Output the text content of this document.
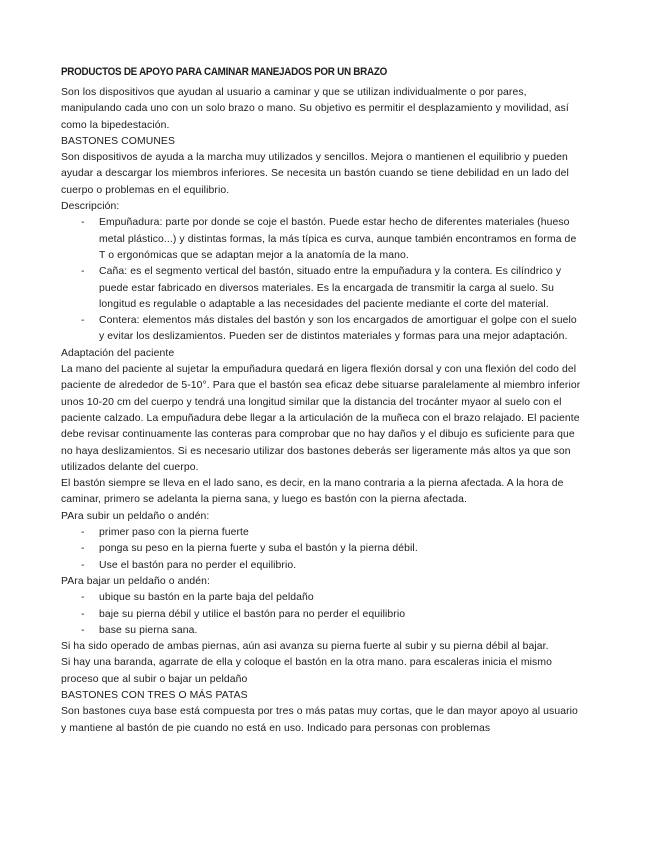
PRODUCTOS DE APOYO PARA CAMINAR MANEJADOS POR UN BRAZO

Son los dispositivos que ayudan al usuario a caminar y que se utilizan individualmente o por pares, manipulando cada uno con un solo brazo o mano. Su objetivo es permitir el desplazamiento y movilidad, así como la bipedestación.

BASTONES COMUNES

Son dispositivos de ayuda a la marcha muy utilizados y sencillos. Mejora o mantienen el equilibrio y pueden ayudar a descargar los miembros inferiores. Se necesita un bastón cuando se tiene debilidad en un lado del cuerpo o problemas en el equilibrio.

Descripción:

- Empuñadura: parte por donde se coje el bastón. Puede estar hecho de diferentes materiales (hueso metal plástico...) y distintas formas, la más típica es curva, aunque también encontramos en forma de T o ergonómicas que se adaptan mejor a la anatomía de la mano.
- Caña: es el segmento vertical del bastón, situado entre la empuñadura y la contera. Es cilíndrico y puede estar fabricado en diversos materiales. Es la encargada de transmitir la carga al suelo. Su longitud es regulable o adaptable a las necesidades del paciente mediante el corte del material.
- Contera: elementos más distales del bastón y son los encargados de amortiguar el golpe con el suelo y evitar los deslizamientos. Pueden ser de distintos materiales y formas para una mejor adaptación.

Adaptación del paciente

La mano del paciente al sujetar la empuñadura quedará en ligera flexión dorsal y con una flexión del codo del paciente de alrededor de 5-10°. Para que el bastón sea eficaz debe situarse paralelamente al miembro inferior unos 10-20 cm del cuerpo y tendrá una longitud similar que la distancia del trocánter myaor al suelo con el paciente calzado. La empuñadura debe llegar a la articulación de la muñeca con el brazo relajado. El paciente debe revisar continuamente las conteras para comprobar que no hay daños y el dibujo es suficiente para que no haya deslizamientos. Si es necesario utilizar dos bastones deberás ser ligeramente más altos ya que son utilizados delante del cuerpo.

El bastón siempre se lleva en el lado sano, es decir, en la mano contraria a la pierna afectada. A la hora de caminar, primero se adelanta la pierna sana, y luego es bastón con la pierna afectada.

PAra subir un peldaño o andén:

- primer paso con la pierna fuerte
- ponga su peso en la pierna fuerte y suba el bastón y la pierna débil.
- Use el bastón para no perder el equilibrio.

PAra bajar un peldaño o andén:

- ubique su bastón en la parte baja del peldaño
- baje su pierna débil y utilice el bastón para no perder el equilibrio
- base su pierna sana.

Si ha sido operado de ambas piernas, aún asi avanza su pierna fuerte al subir y su pierna débil al bajar.

Si hay una baranda, agarrate de ella y coloque el bastón en la otra mano. para escaleras inicia el mismo proceso que al subir o bajar un peldaño

BASTONES CON TRES O MÁS PATAS

Son bastones cuya base está compuesta por tres o más patas muy cortas, que le dan mayor apoyo al usuario y mantiene al bastón de pie cuando no está en uso. Indicado para personas con problemas
